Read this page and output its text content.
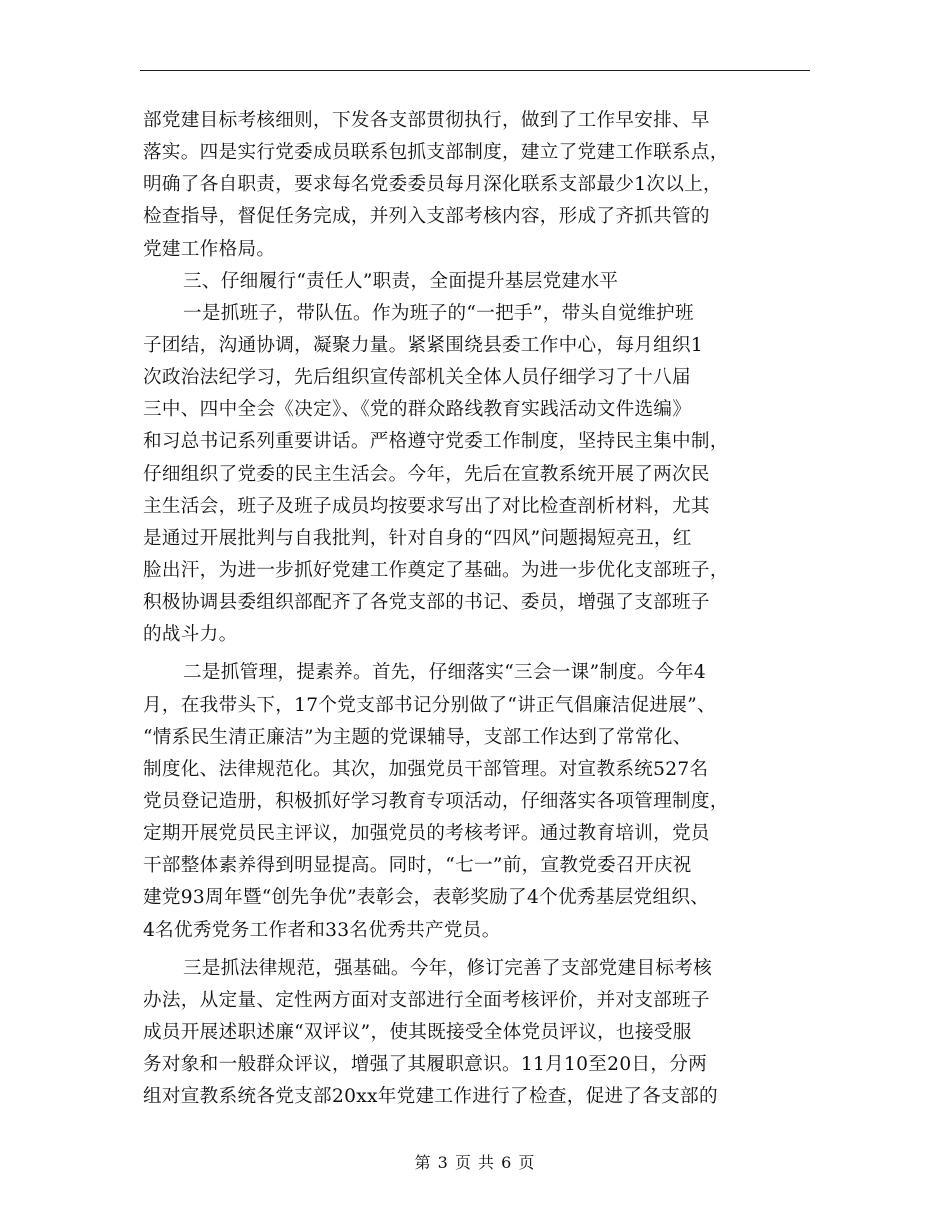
部党建目标考核细则，下发各支部贯彻执行，做到了工作早安排、早
落实。四是实行党委成员联系包抓支部制度，建立了党建工作联系点，
明确了各自职责，要求每名党委委员每月深化联系支部最少1次以上，
检查指导，督促任务完成，并列入支部考核内容，形成了齐抓共管的
党建工作格局。
三、仔细履行“责任人”职责，全面提升基层党建水平
一是抓班子，带队伍。作为班子的“一把手”，带头自觉维护班
子团结，沟通协调，凝聚力量。紧紧围绕县委工作中心，每月组织1
次政治法纪学习，先后组织宣传部机关全体人员仔细学习了十八届
三中、四中全会《决定》、《党的群众路线教育实践活动文件选编》
和习总书记系列重要讲话。严格遵守党委工作制度，坚持民主集中制，
仔细组织了党委的民主生活会。今年，先后在宣教系统开展了两次民
主生活会，班子及班子成员均按要求写出了对比检查剖析材料，尤其
是通过开展批判与自我批判，针对自身的“四风”问题揭短亮丑，红
脸出汗，为进一步抓好党建工作奠定了基础。为进一步优化支部班子，
积极协调县委组织部配齐了各党支部的书记、委员，增强了支部班子
的战斗力。
二是抓管理，提素养。首先，仔细落实“三会一课”制度。今年4
月，在我带头下，17个党支部书记分别做了“讲正气倡廉洁促进展”、
“情系民生清正廉洁”为主题的党课辅导，支部工作达到了常常化、
制度化、法律规范化。其次，加强党员干部管理。对宣教系统527名
党员登记造册，积极抓好学习教育专项活动，仔细落实各项管理制度，
定期开展党员民主评议，加强党员的考核考评。通过教育培训，党员
干部整体素养得到明显提高。同时，“七一”前，宣教党委召开庆祝
建党93周年暨“创先争优”表彰会，表彰奖励了4个优秀基层党组织、
4名优秀党务工作者和33名优秀共产党员。
三是抓法律规范，强基础。今年，修订完善了支部党建目标考核
办法，从定量、定性两方面对支部进行全面考核评价，并对支部班子
成员开展述职述廉“双评议”，使其既接受全体党员评议，也接受服
务对象和一般群众评议，增强了其履职意识。11月10至20日，分两
组对宣教系统各党支部20xx年党建工作进行了检查，促进了各支部的
第 3 页 共 6 页
